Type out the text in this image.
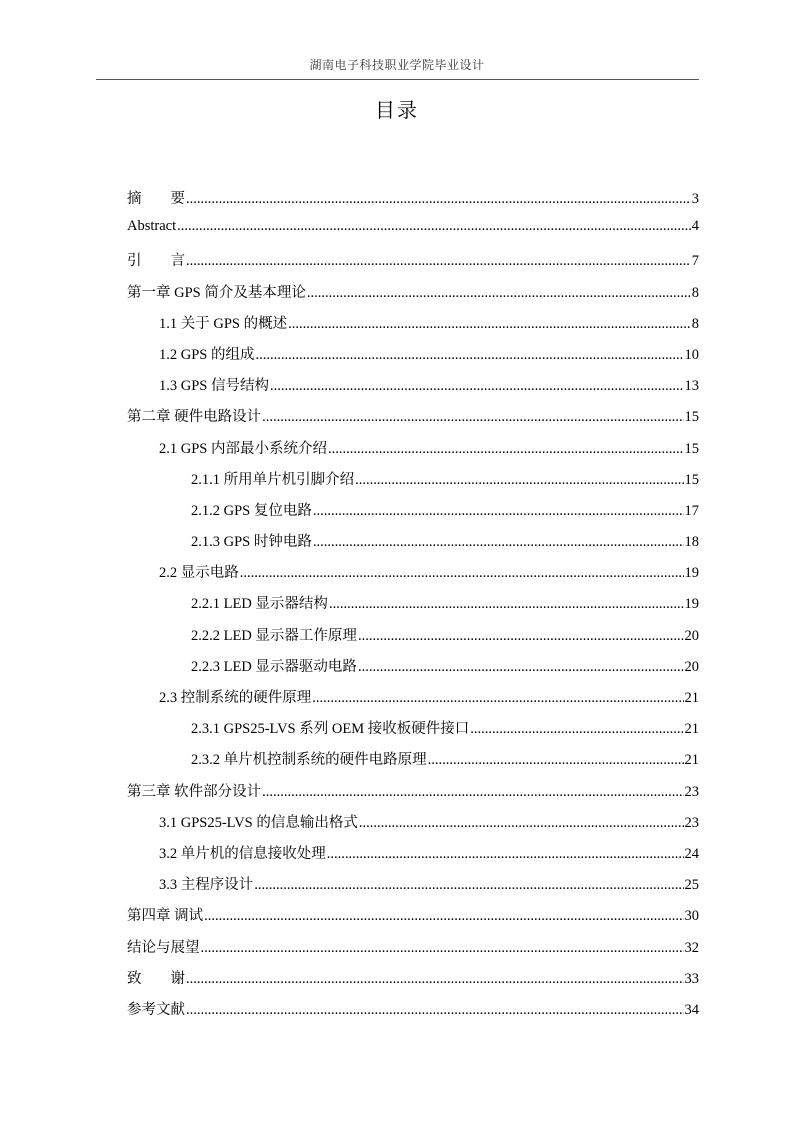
湖南电子科技职业学院毕业设计
目录
摘　　要 .....	3
Abstract .....	4
引　　言 .....	7
第一章 GPS 简介及基本理论 .....	8
1.1 关于 GPS 的概述 .....	8
1.2 GPS 的组成 .....	10
1.3 GPS 信号结构 .....	13
第二章 硬件电路设计 .....	15
2.1 GPS 内部最小系统介绍 .....	15
2.1.1 所用单片机引脚介绍 .....	15
2.1.2 GPS 复位电路 .....	17
2.1.3 GPS 时钟电路 .....	18
2.2 显示电路 .....	19
2.2.1 LED 显示器结构 .....	19
2.2.2 LED 显示器工作原理 .....	20
2.2.3 LED 显示器驱动电路 .....	20
2.3 控制系统的硬件原理 .....	21
2.3.1 GPS25-LVS 系列 OEM 接收板硬件接口 .....	21
2.3.2 单片机控制系统的硬件电路原理 .....	21
第三章 软件部分设计 .....	23
3.1 GPS25-LVS 的信息输出格式 .....	23
3.2 单片机的信息接收处理 .....	24
3.3 主程序设计 .....	25
第四章 调试 .....	30
结论与展望 .....	32
致　　谢 .....	33
参考文献 .....	34
